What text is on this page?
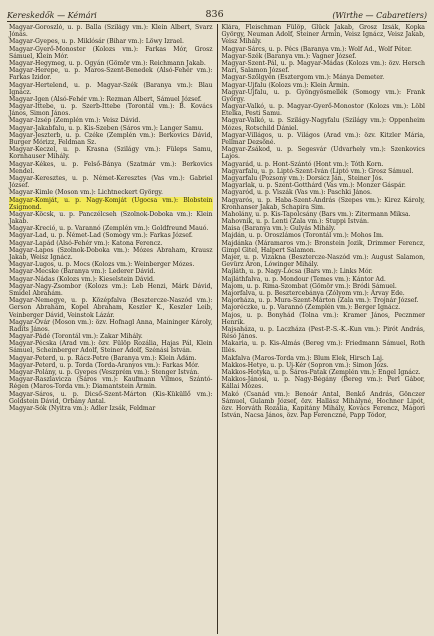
Kereskedők — Kémári	836	(Wirthe — Cabaretiers)

Magyar-Goroszló, u. p. Balla (Szilágy vm.): Klein Albert, Svarz Jónás.

Magyar-Gyepes, u. p. Miklósár (Bihar vm.): Löwy Izrael.

Magyar-Gyerő-Monoster (Kolozs vm.): Farkas Mór, Grosz Sámuel, Klein Mór.

Magyar-Hegymeg, u. p. Ogyán (Gömör vm.): Reichmann Jakab.

Magyar-Herepe, u. p. Maros-Szent-Benedek (Alsó-Fehér vm.): Farkas Izidor.

Magyar-Hertelend, u. p. Magyar-Szék (Baranya vm.): Blau Ignácz.

Magyar-Igen (Alsó-Fehér vm.): Rezman Albert, Sámuel József.

Magyar-Ittebe, u. p. Szerb-Ittebe (Torontál vm.): B. Kovács János, Simon János.

Magyar-Izsép (Zemplén vm.): Veisz Dávid.

Magyar-Jakabfalu, u. p. Kis-Szeben (Sáros vm.): Langer Samu.

Magyar-Jeszterb, u. p. Czéke (Zemplén vm.): Berkovics Dávid, Burger Mórizz, Feldman Sz.

Magyar-Keczel, u. p. Krasna (Szilágy vm.): Füleps Samu, Kornhauser Mihály.

Magyar-Kékes, u. p. Felső-Bánya (Szatmár vm.): Berkovics Mendel.

Magyar-Keresztes, u. p. Német-Keresztes (Vas vm.): Gabriel József.

Magyar-Kimle (Moson vm.): Lichtneckert György.

Magyar-Komját, u. p. Nagy-Komját (Ugocsa vm.): Blobstein Zsigmond.

Magyar-Köcsk, u. p. Panczélcseh (Szolnok-Doboka vm.): Klein Jakab.

Magyar-Kreció, u. p. Varannó (Zemplén vm.): Goldfreund Mauó.

Magyar-Lad, u. p. Német-Lad (Somogy vm.): Farkas József.

Magyar-Lapád (Alsó-Fehér vm.): Katona Ferencz.

Magyar-Lapos (Szolnok-Doboka vm.): Mózes Abraham, Krausz Jakab, Weisz Ignácz.

Magyar-Lugos, u. p. Mocs (Kolozs vm.): Weinberger Mózes.

Magyar-Mecske (Baranya vm.): Lederer Dávid.

Magyar-Nádas (Kolozs vm.): Kieselstein Dávid.

Magyar-Nagy-Zsombor (Kolozs vm.): Leb Henzi, Márk Dávid, Smidel Abrahám.

Magyar-Nemegye, u. p. Középfalva (Besztercze-Naszód vm.): Gerson Abrahám, Kopel Abraham, Keszler K., Keszler Leib, Veinberger Dávid, Veinstok Lázár.

Magyar-Óvár (Moson vm.): özv. Hofnagl Anna, Maininger Károly, Radits János.

Magyar-Pádé (Torontál vm.): Zakar Mihály.

Magyar-Pécska (Arad vm.): özv. Fülöp Rozália, Hajas Pál, Klein Sámuel, Scheinberger Adolf, Steiner Adolf, Szénási István.

Magyar-Peterd, u. p. Rácz-Petre (Baranya vm.): Klein Ádám.

Magyar-Peterd, u. p. Torda (Torda-Aranyos vm.): Farkas Mór.

Magyar-Polány, u. p. Gyepes (Veszprém vm.): Stenger István.

Magyar-Raszlavicza (Sáros vm.): Kaufmann Vilmos, Szántó-Régen (Maros-Torda vm.): Diamantstein Ármin.

Magyar-Sáros, u. p. Dicső-Szent-Márton (Kis-Küküllő vm.): Goldstein Dávid, Orbány Antal.

Magyar-Sók (Nyitra vm.): Adler Izsák, Feldmar

Klára, Fleischman Fülöp, Glück Jakab, Grosz Izsák, Kopka György, Neuman Adolf, Steiner Ármin, Veisz Ignácz, Veisz Jakab, Veisz Mihály.

Magyar-Sárcs, u. p. Pécs (Baranya vm.): Wolf Ad., Wolf Péter.

Magyar-Szék (Baranya vm.): Vagner József.

Magyar-Szent-Pál, u. p. Magyar-Mádas (Kolozs vm.): özv. Hersch Mari, Salamon József.

Magyar-Szőlgyén (Esztergom vm.): Mánya Demeter.

Magyar-Ujfalu (Kolozs vm.): Klein Ármin.

Magyar-Ujfalu, u. p. Gyöngyösmellék (Somogy vm.): Frank György.

Magyar-Valkó, u. p. Magyar-Gyerő-Monostor (Kolozs vm.): Löbl Etelka, Pesti Samu.

Magyar-Valkó, u. p. Szilágy-Nagyfalu (Szilágy vm.): Oppenheim Mózes, Rotschild Dániel.

Magyar-Villágos, u. p. Világos (Arad vm.): özv. Kitzler Mária, Pellmar Dezsőné.

Magyar-Zsákod, u. p. Segesvár (Udvarhely vm.): Szenkovics Lajos.

Magyarád, u. p. Hont-Szántó (Hont vm.): Tóth Korn.

Magyarfalu, u. p. Liptó-Szent-Iván (Liptó vm.): Grosz Sámuel.

Magyarfalu (Pozsony vm.): Dorsicz Ján., Steiner Jós.

Magyarlak, u. p. Szent-Gotthárd (Vas vm.): Monzer Gáspár.

Magyaród, u. p. Viszák (Vas vm.): Paschki János.

Magyarós, u. p. Haba-Szent-András (Szepes vm.): Kirez Károly, Kronhanser Jakab, Schapira Sim.

Maholány, u. p. Kis-Tapolcsány (Bars vm.): Zitermann Miksa.

Mahovnik, u. p. Lenti (Zala vm.): Stuppi István.

Maisa (Baranya vm.): Gulyás Mihály.

Majdán, u. p. Oroszlámos (Torontál vm.): Mohos Im.

Majdánka (Máramaros vm.): Bronstein Jozik, Drimmer Ferencz, Gimpl Gitel, Halpert Salamon.

Majer, u. p. Vizakna (Besztercze-Naszód vm.): August Salamon, Gevürz Áron, Lówinger Mihály.

Majláth, u. p. Nagy-Lócsa (Bars vm.): Links Mór.

Majláthfalva, u. p. Mondour (Temes vm.): Kántor Ad.

Majom, u. p. Rima-Szombat (Gömör vm.): Bródi Sámuel.

Majorfalva, u. p. Besztercebánya (Zólyom vm.): Árvay Ede.

Majorháza, u. p. Mura-Szent-Márton (Zala vm.): Trojnár József.

Majoréczke, u. p. Varannó (Zemplén vm.): Berger Ignácz.

Majos, u. p. Bonyhád (Tolna vm.): Kramer János, Pecznmer Henrik.

Majsaháza, u. p. Laczháza (Pest-P.-S.-K.-Kun vm.): Pirót András, Résó János.

Makaria, u. p. Kis-Almás (Bereg vm.): Friedmann Sámuel, Roth Illés.

Makfalva (Maros-Torda vm.): Blum Elek, Hirsch Laj.

Makkos-Hetye, u. p. Uj-Kér (Sopron vm.): Simon Józs.

Makkos-Hotyka, u. p. Sáros-Patak (Zemplén vm.): Engel Ignácz.

Makkos-Jánosi, u. p. Nagy-Bégány (Bereg vm.): Perl Gábor, Kállai Mózes.

Makó (Csanád vm.): Benoár Antal, Benkő András, Gönczer Sámuel, Gulamb József, özv. Hallász Mihályné, Hochner Lipót, özv. Horváth Rozália, Kapitány Mihály, Kovács Ferencz, Mágori István, Nacsa János, özv. Pap Ferenczné, Papp Tódor,
